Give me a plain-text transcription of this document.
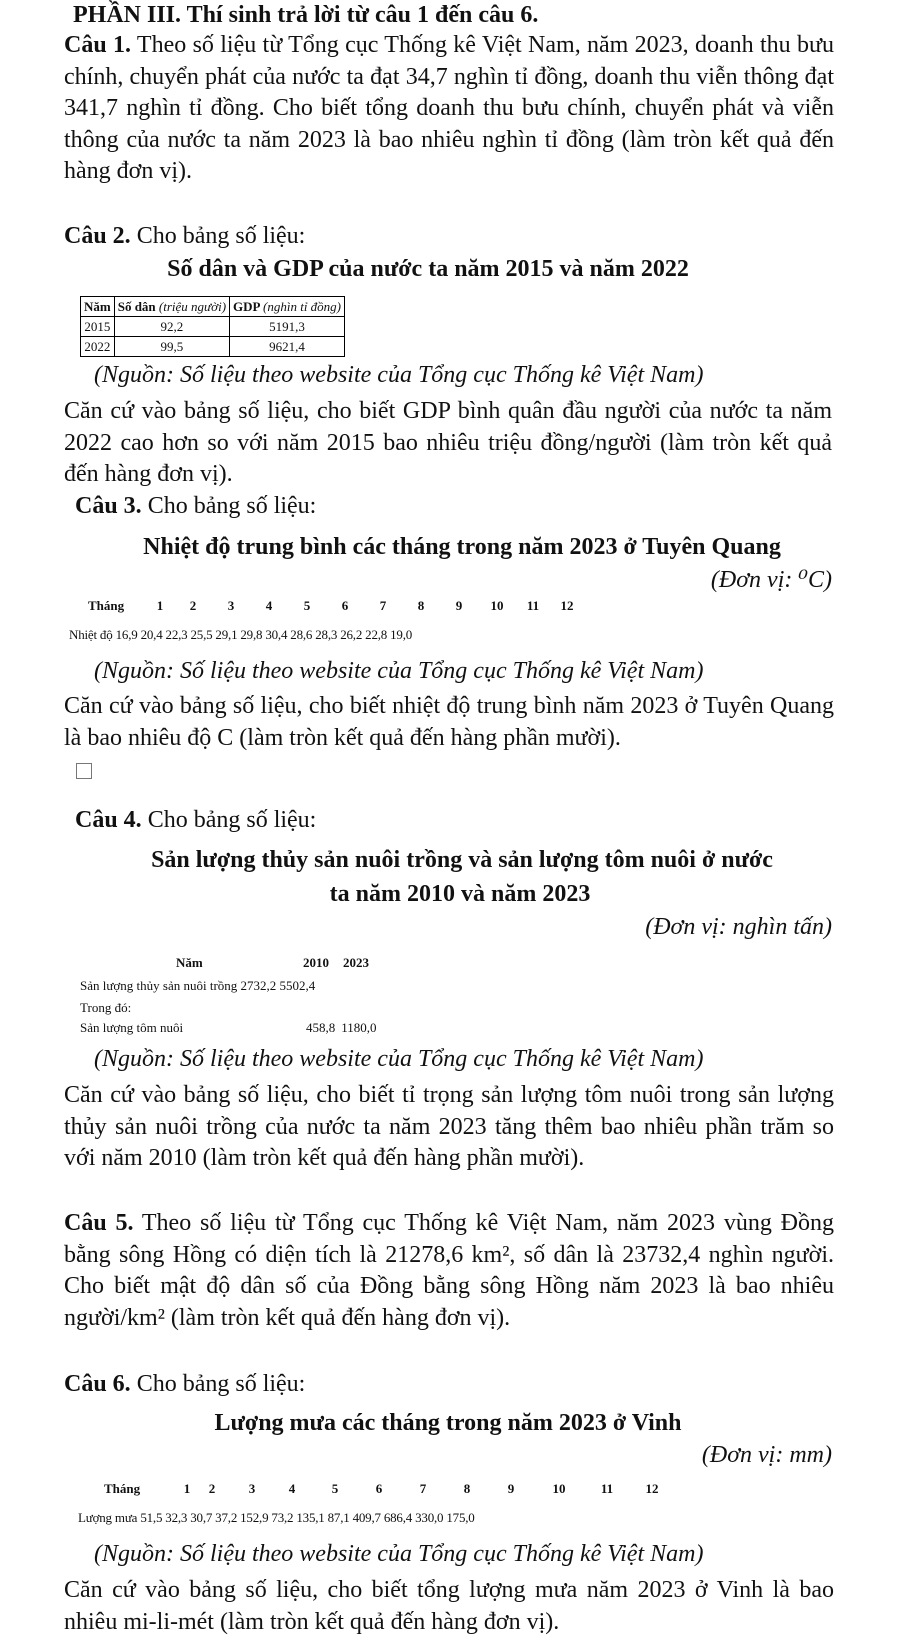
PHẦN III. Thí sinh trả lời từ câu 1 đến câu 6.

Câu 1. Theo số liệu từ Tổng cục Thống kê Việt Nam, năm 2023, doanh thu bưu chính, chuyển phát của nước ta đạt 34,7 nghìn tỉ đồng, doanh thu viễn thông đạt 341,7 nghìn tỉ đồng. Cho biết tổng doanh thu bưu chính, chuyển phát và viễn thông của nước ta năm 2023 là bao nhiêu nghìn tỉ đồng (làm tròn kết quả đến hàng đơn vị).

Câu 2. Cho bảng số liệu:

Số dân và GDP của nước ta năm 2015 và năm 2022

Năm	Số dân (triệu người)	GDP (nghìn tỉ đồng)
2015	92,2	5191,3
2022	99,5	9621,4

(Nguồn: Số liệu theo website của Tổng cục Thống kê Việt Nam)

Căn cứ vào bảng số liệu, cho biết GDP bình quân đầu người của nước ta năm 2022 cao hơn so với năm 2015 bao nhiêu triệu đồng/người (làm tròn kết quả đến hàng đơn vị).

Câu 3. Cho bảng số liệu:

Nhiệt độ trung bình các tháng trong năm 2023 ở Tuyên Quang

(Đơn vị: ⁰C)

Tháng	1 2 3 4 5 6 7 8 9 10 11 12
Nhiệt độ 16,9 20,4 22,3 25,5 29,1 29,8 30,4 28,6 28,3 26,2 22,8 19,0

(Nguồn: Số liệu theo website của Tổng cục Thống kê Việt Nam)

Căn cứ vào bảng số liệu, cho biết nhiệt độ trung bình năm 2023 ở Tuyên Quang là bao nhiêu độ C (làm tròn kết quả đến hàng phần mười).

Câu 4. Cho bảng số liệu:

Sản lượng thủy sản nuôi trồng và sản lượng tôm nuôi ở nước

ta năm 2010 và năm 2023

(Đơn vị: nghìn tấn)

Năm	2010 2023
Sản lượng thủy sản nuôi trồng 2732,2 5502,4
Trong đó:
Sản lượng tôm nuôi	458,8 1180,0

(Nguồn: Số liệu theo website của Tổng cục Thống kê Việt Nam)

Căn cứ vào bảng số liệu, cho biết tỉ trọng sản lượng tôm nuôi trong sản lượng thủy sản nuôi trồng của nước ta năm 2023 tăng thêm bao nhiêu phần trăm so với năm 2010 (làm tròn kết quả đến hàng phần mười).

Câu 5. Theo số liệu từ Tổng cục Thống kê Việt Nam, năm 2023 vùng Đồng bằng sông Hồng có diện tích là 21278,6 km², số dân là 23732,4 nghìn người. Cho biết mật độ dân số của Đồng bằng sông Hồng năm 2023 là bao nhiêu người/km² (làm tròn kết quả đến hàng đơn vị).

Câu 6. Cho bảng số liệu:

Lượng mưa các tháng trong năm 2023 ở Vinh

(Đơn vị: mm)

Tháng	1 2	3	4	5	6	7	8	9	10	11 12
Lượng mưa 51,5 32,3 30,7 37,2 152,9 73,2 135,1 87,1 409,7 686,4 330,0 175,0

(Nguồn: Số liệu theo website của Tổng cục Thống kê Việt Nam)

Căn cứ vào bảng số liệu, cho biết tổng lượng mưa năm 2023 ở Vinh là bao nhiêu mi-li-mét (làm tròn kết quả đến hàng đơn vị).
